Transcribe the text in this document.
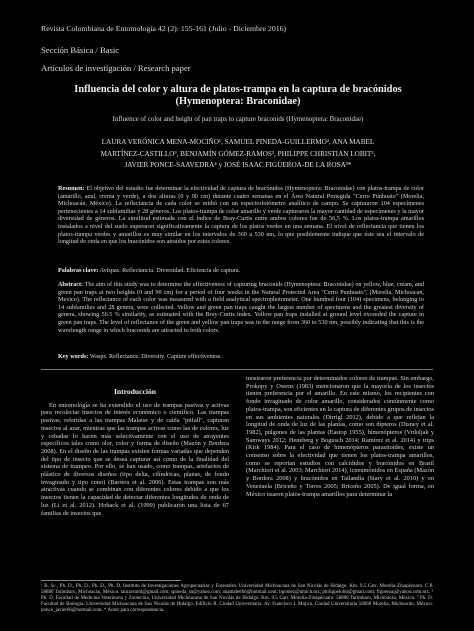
Revista Colombiana de Entomología 42 (2): 155-161 (Julio - Diciembre 2016)
Sección Básica / Basic
Artículos de investigación / Research paper
Influencia del color y altura de platos-trampa en la captura de bracónidos (Hymenoptera: Braconidae)
Influence of color and height of pan traps to capture braconids (Hymenoptera: Braconidae)
LAURA VERÓNICA MENA-MOCIÑO¹, SAMUEL PINEDA-GUILLERMO², ANA MABEL
MARTÍNEZ-CASTILLO³, BENJAMÍN GÓMEZ-RAMOS³, PHILIPPE CHRISTIAN LOBIT³,
JAVIER PONCE-SAAVEDRA⁴ y JOSÉ ISAAC FIGUEROA-DE LA ROSA³*
Resumen: El objetivo del estudio fue determinar la efectividad de captura de bracónidos (Hymenoptera: Braconidae) con platos-trampa de color (amarillo, azul, crema y verde), a dos alturas (0 y 90 cm) durante cuatro semanas en el Área Natural Protegida "Cerro Punhuato" (Morelia, Michoacán, México). La reflectancia de cada color se midió con un espectrofotómetro analítico de campo. Se capturaron 104 especímenes pertenecientes a 14 subfamilias y 28 géneros. Los platos-trampa de color amarillo y verde capturaron la mayor cantidad de especímenes y la mayor diversidad de géneros. La similitud estimada con el índice de Bray-Curtis entre ambos colores fue de 56,5 %. Los platos-trampa amarillos instalados a nivel del suelo superaron significativamente la captura de los platos verdes en una semana. El nivel de reflectancia que tienen los platos-trampa verdes y amarillos es muy similar en los intervalos de 360 a 530 nm, lo que posiblemente indique que éste sea el intervalo de longitud de onda en que los bracónidos son atraídos por estos colores.
Palabras clave: Avispas. Reflectancia. Diversidad. Eficiencia de captura.
Abstract: The aim of this study was to determine the effectiveness of capturing braconids (Hymenoptera: Braconidae) on yellow, blue, cream, and green pan traps at two heights (0 and 90 cm) for a period of four weeks in the Natural Protected Area "Cerro Punhuato", (Morelia, Michoacan, Mexico). The reflectance of each color was measured with a field analytical spectrophotometer. One hundred four (104) specimens, belonging to 14 subfamilies and 28 genera, were collected. Yellow and green pan traps caught the largest number of specimens and the greatest diversity of genera, showing 56.5 % similarity, as estimated with the Bray-Curtis index. Yellow pan traps installed at ground level exceeded the capture in green pan traps. The level of reflectance of the green and yellow pan traps was in the range from 360 to 530 nm, possibly indicating that this is the wavelength range in which braconids are attracted to both colors.
Key words: Wasps. Reflectance. Diversity. Capture effectiveness.
Introducción

En entomología se ha extendido el uso de trampas pasivas y activas para recolectar insectos de interés económico o científico. Las trampas pasivas, referidas a las trampas Malaise y de caída "pitfall", capturan insectos al azar, mientras que las trampas activas como las de colores, luz y cebadas lo hacen más selectivamente con el uso de atrayentes específicos tales como olor, color y forma de diseño (Mazón y Bordera 2008). En el diseño de las trampas existen formas variadas que dependen del tipo de insecto que se desea capturar así como de la finalidad del sistema de trampeo. Por ello, se han usado, como trampas, artefactos de plástico de diversos diseños (tipo delta, cilíndricas, planas, de fondo invaginado y tipo cono) (Barrera et al. 2006). Estas trampas son más atractivas cuando se combinan con diferentes colores debido a que los insectos tienen la capacidad de detectar diferentes longitudes de onda de luz (Li et al. 2012). Hoback et al. (1999) publicaron una lista de 67 familias de insectos que

mostraron preferencia por determinados colores de trampas. Sin embargo, Prokopy y Owens (1983) mencionaron que la mayoría de los insectos tienen preferencia por el amarillo. En este mismo, los recipientes con fondo invaginado de color amarillo, considerados comúnmente como platos-trampa, son eficientes en la captura de diferentes grupos de insectos en sus ambientes naturales (Dirrigl 2012), debido a que reflejan la longitud de onda de luz de las plantas, como son dípteros (Disney et al. 1982), pulgones de las plantas (Eastop 1955), himenópteros (Vrdoljak y Samways 2012; Heneberg y Bogusch 2014; Ramírez et al. 2014) y trips (Kirk 1984). Para el caso de himenópteros parasitoides, existe un consenso sobre la efectividad que tienen los platos-trampa amarillos, como se reportan estudios con calcídidos y bracónidos en Brasil (Marchiori et al. 2003; Marchiori 2014), icneumónidos en España (Mazón y Bordera 2008) y bracónidos en Tailandia (Stary et al. 2010) y en Venezuela (Briceño y Torres 2005; Briceño 2005). De igual forma, en México usaron platos-trampa amarillos para determinar la

¹ B. Sc., Ph. D., Ph. D., Ph. D., Ph. D. Instituto de Investigaciones Agropecuarias y Forestales. Universidad Michoacana de San Nicolás de Hidalgo. Km. 9.5 Carr. Morelia-Zinapécuaro. C.P. 58880 Tarímbaro, Michoacán, México. lauravmml@gmail.com; spineda_sn@yahoo.com; anamabel66@hotmail.com; bgomez@umich.mx; philippelobit@gmail.com; figueroaj@yahoo.com.mx. ² Ph. D. Facultad de Medicina Veterinaria y Zootecnia, Universidad Michoacana de San Nicolás de Hidalgo. Km. 9.5 Carr. Morelia-Zinapécuaro. 58880 Tarímbaro, Michoacán, México. ³ Ph. D. Facultad de Biología. Universidad Michoacana de San Nicolás de Hidalgo. Edificio R. Ciudad Universitaria. Av. Francisco J. Mújica. Ciudad Universitaria 58060 Morelia, Michoacán, México. ponce_javier66@hotmail.com. * Autor para correspondencia.
